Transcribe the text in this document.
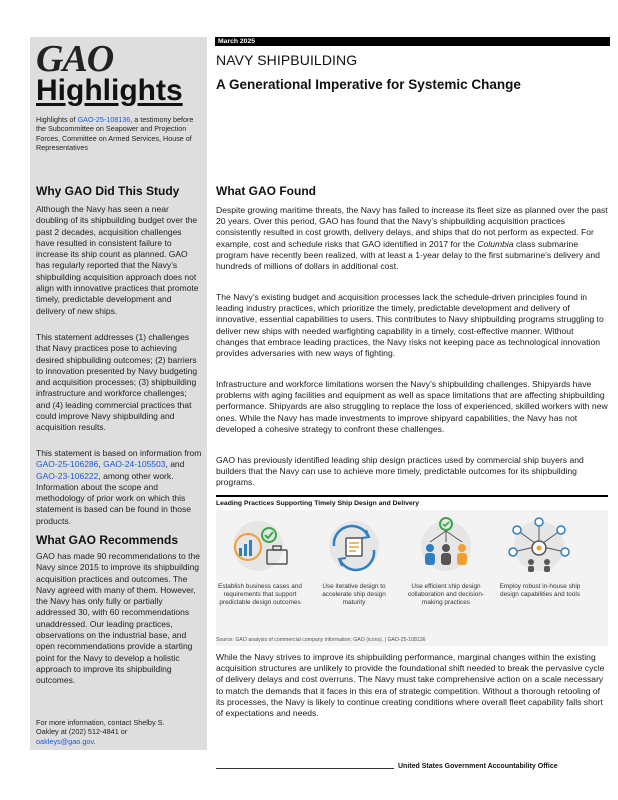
GAO
Highlights
Highlights of GAO-25-108136, a testimony before the Subcommittee on Seapower and Projection Forces, Committee on Armed Services, House of Representatives
Why GAO Did This Study
Although the Navy has seen a near doubling of its shipbuilding budget over the past 2 decades, acquisition challenges have resulted in consistent failure to increase its ship count as planned. GAO has regularly reported that the Navy’s shipbuilding acquisition approach does not align with innovative practices that promote timely, predictable development and delivery of new ships.
This statement addresses (1) challenges that Navy practices pose to achieving desired shipbuilding outcomes; (2) barriers to innovation presented by Navy budgeting and acquisition processes; (3) shipbuilding infrastructure and workforce challenges; and (4) leading commercial practices that could improve Navy shipbuilding and acquisition results.
This statement is based on information from GAO-25-106286, GAO-24-105503, and GAO-23-106222, among other work. Information about the scope and methodology of prior work on which this statement is based can be found in those products.
What GAO Recommends
GAO has made 90 recommendations to the Navy since 2015 to improve its shipbuilding acquisition practices and outcomes. The Navy agreed with many of them. However, the Navy has only fully or partially addressed 30, with 60 recommendations unaddressed. Our leading practices, observations on the industrial base, and open recommendations provide a starting point for the Navy to develop a holistic approach to improve its shipbuilding outcomes.
For more information, contact Shelby S. Oakley at (202) 512-4841 or oakleys@gao.gov.
March 2025
NAVY SHIPBUILDING
A Generational Imperative for Systemic Change
What GAO Found
Despite growing maritime threats, the Navy has failed to increase its fleet size as planned over the past 20 years. Over this period, GAO has found that the Navy’s shipbuilding acquisition practices consistently resulted in cost growth, delivery delays, and ships that do not perform as expected. For example, cost and schedule risks that GAO identified in 2017 for the Columbia class submarine program have recently been realized, with at least a 1-year delay to the first submarine’s delivery and hundreds of millions of dollars in additional cost.
The Navy’s existing budget and acquisition processes lack the schedule-driven principles found in leading industry practices, which prioritize the timely, predictable development and delivery of innovative, essential capabilities to users. This contributes to Navy shipbuilding programs struggling to deliver new ships with needed warfighting capability in a timely, cost-effective manner. Without changes that embrace leading practices, the Navy risks not keeping pace as technological innovation provides adversaries with new ways of fighting.
Infrastructure and workforce limitations worsen the Navy’s shipbuilding challenges. Shipyards have problems with aging facilities and equipment as well as space limitations that are affecting shipbuilding performance. Shipyards are also struggling to replace the loss of experienced, skilled workers with new ones. While the Navy has made investments to improve shipyard capabilities, the Navy has not developed a cohesive strategy to confront these challenges.
GAO has previously identified leading ship design practices used by commercial ship buyers and builders that the Navy can use to achieve more timely, predictable outcomes for its shipbuilding programs.
Leading Practices Supporting Timely Ship Design and Delivery
Establish business cases and requirements that support predictable design outcomes
Use iterative design to accelerate ship design maturity
Use efficient ship design collaboration and decision-making practices
Employ robust in-house ship design capabilities and tools
Source: GAO analysis of commercial company information; GAO (icons). | GAO-25-108136
While the Navy strives to improve its shipbuilding performance, marginal changes within the existing acquisition structures are unlikely to provide the foundational shift needed to break the pervasive cycle of delivery delays and cost overruns. The Navy must take comprehensive action on a scale necessary to match the demands that it faces in this era of strategic competition. Without a thorough retooling of its processes, the Navy is likely to continue creating conditions where overall fleet capability falls short of expectations and needs.
United States Government Accountability Office
